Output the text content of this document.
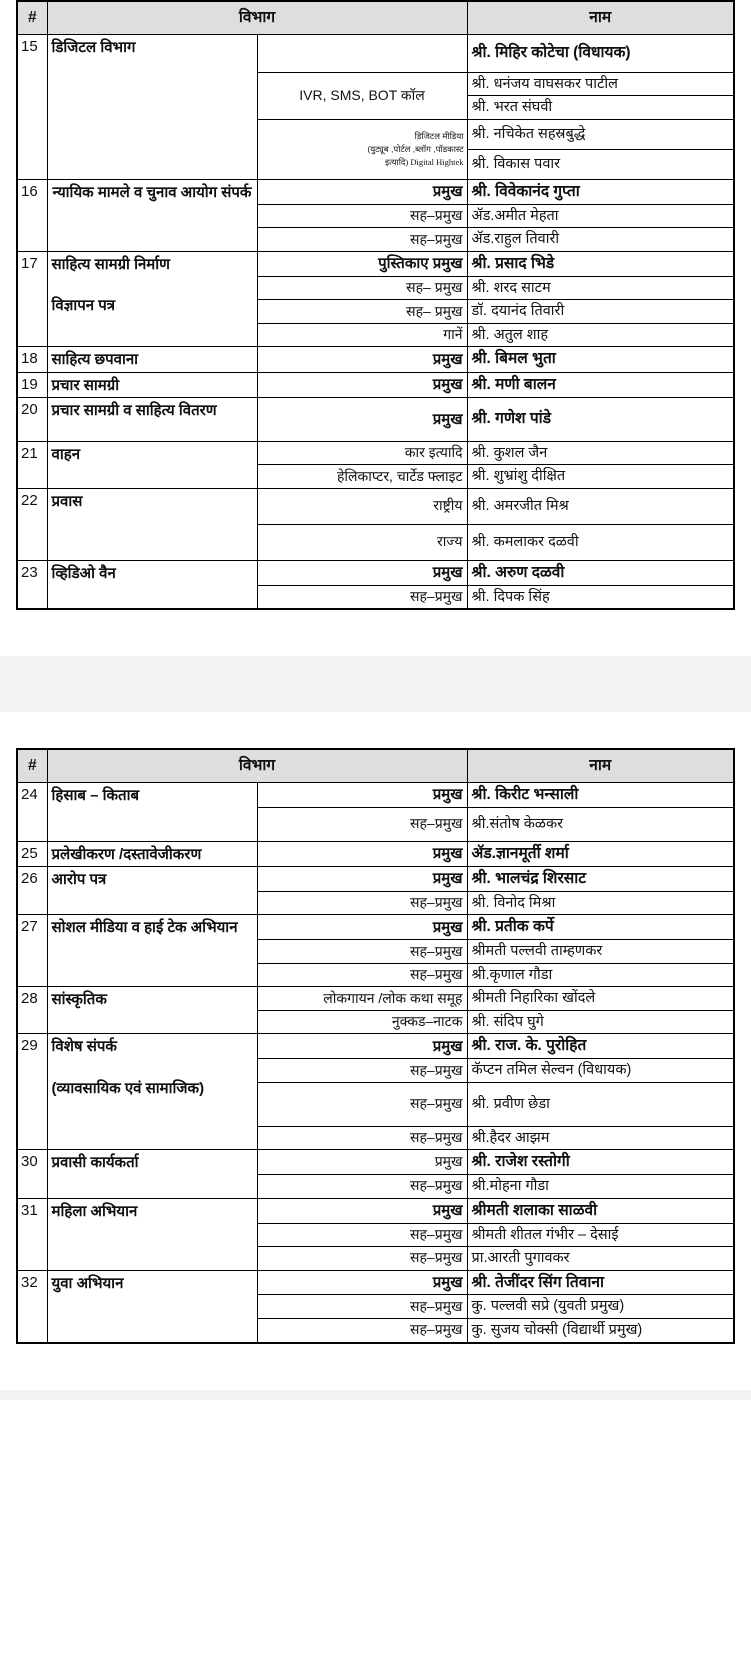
#	विभाग		नाम
15	डिजिटल विभाग		श्री. मिहिर कोटेचा (विधायक)
		IVR, SMS, BOT कॉल	श्री. धनंजय वाघसकर पाटील
			श्री. भरत संघवी

		डिजिटल मीडिया
(युट्यूब ,पोर्टल ,ब्लॉग ,पॉडकास्ट
इत्यादि) Digital Hightek	श्री. नचिकेत सहस्रबुद्धे
			श्री. विकास पवार
16	न्यायिक मामले व चुनाव आयोग संपर्क	प्रमुख	श्री. विवेकानंद गुप्ता
		सह–प्रमुख	ॲड.अमीत मेहता
		सह–प्रमुख	ॲड.राहुल तिवारी
17	साहित्य सामग्री निर्माण
विज्ञापन पत्र	पुस्तिकाए प्रमुख	श्री. प्रसाद भिडे
		सह– प्रमुख	श्री. शरद साटम
		सह– प्रमुख	डॉ. दयानंद तिवारी
		गानें	श्री. अतुल शाह
18	साहित्य छपवाना	प्रमुख	श्री. बिमल भुता
19	प्रचार सामग्री	प्रमुख	श्री. मणी बालन
20	प्रचार सामग्री व साहित्य वितरण	प्रमुख	श्री. गणेश पांडे
21	वाहन	कार इत्यादि	श्री. कुशल जैन
		हेलिकाप्टर, चार्टेड फ्लाइट	श्री. शुभ्रांशु दीक्षित
22	प्रवास	राष्ट्रीय	श्री. अमरजीत मिश्र
		राज्य	श्री. कमलाकर दळवी
23	व्हिडिओ वैन	प्रमुख	श्री. अरुण दळवी
		सह–प्रमुख	श्री. दिपक सिंह
#	विभाग		नाम
24	हिसाब – किताब	प्रमुख	श्री. किरीट भन्साली
		सह–प्रमुख	श्री.संतोष केळकर
25	प्रलेखीकरण /दस्तावेजीकरण	प्रमुख	ॲड.ज्ञानमूर्ती शर्मा
26	आरोप पत्र	प्रमुख	श्री. भालचंद्र शिरसाट
		सह–प्रमुख	श्री. विनोद मिश्रा
27	सोशल मीडिया व हाई टेक अभियान	प्रमुख	श्री. प्रतीक कर्पे
		सह–प्रमुख	श्रीमती पल्लवी ताम्हणकर
		सह–प्रमुख	श्री.कृणाल गौडा
28	सांस्कृतिक	लोकगायन /लोक कथा समूह	श्रीमती निहारिका खोंदले
		नुक्कड–नाटक	श्री. संदिप घुगे
29	विशेष संपर्क
(व्यावसायिक एवं सामाजिक)	प्रमुख	श्री. राज. के. पुरोहित
		सह–प्रमुख	कॅप्टन तमिल सेल्वन (विधायक)
		सह–प्रमुख	श्री. प्रवीण छेडा
		सह–प्रमुख	श्री.हैदर आझम
30	प्रवासी कार्यकर्ता	प्रमुख	श्री. राजेश रस्तोगी
		सह–प्रमुख	श्री.मोहना गौडा
31	महिला अभियान	प्रमुख	श्रीमती शलाका साळवी
		सह–प्रमुख	श्रीमती शीतल गंभीर – देसाई
		सह–प्रमुख	प्रा.आरती पुगावकर
32	युवा अभियान	प्रमुख	श्री. तेजींदर सिंग तिवाना
		सह–प्रमुख	कु. पल्लवी सप्रे (युवती प्रमुख)
		सह–प्रमुख	कु. सुजय चोक्सी (विद्यार्थी प्रमुख)
